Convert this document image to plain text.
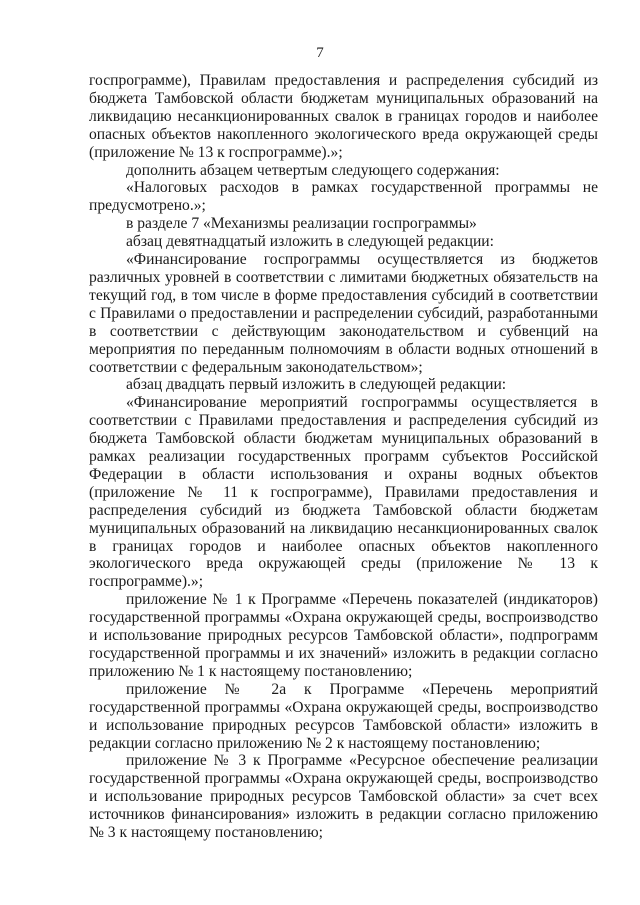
7

госпрограмме), Правилам предоставления и распределения субсидий из бюджета Тамбовской области бюджетам муниципальных образований на ликвидацию несанкционированных свалок в границах городов и наиболее опасных объектов накопленного экологического вреда окружающей среды (приложение № 13 к госпрограмме).»;

дополнить абзацем четвертым следующего содержания:

«Налоговых расходов в рамках государственной программы не предусмотрено.»;

в разделе 7 «Механизмы реализации госпрограммы»

абзац девятнадцатый изложить в следующей редакции:

«Финансирование госпрограммы осуществляется из бюджетов различных уровней в соответствии с лимитами бюджетных обязательств на текущий год, в том числе в форме предоставления субсидий в соответствии с Правилами о предоставлении и распределении субсидий, разработанными в соответствии с действующим законодательством и субвенций на мероприятия по переданным полномочиям в области водных отношений в соответствии с федеральным законодательством»;

абзац двадцать первый изложить в следующей редакции:

«Финансирование мероприятий госпрограммы осуществляется в соответствии с Правилами предоставления и распределения субсидий из бюджета Тамбовской области бюджетам муниципальных образований в рамках реализации государственных программ субъектов Российской Федерации в области использования и охраны водных объектов (приложение № 11 к госпрограмме), Правилами предоставления и распределения субсидий из бюджета Тамбовской области бюджетам муниципальных образований на ликвидацию несанкционированных свалок в границах городов и наиболее опасных объектов накопленного экологического вреда окружающей среды (приложение № 13 к госпрограмме).»;

приложение № 1 к Программе «Перечень показателей (индикаторов) государственной программы «Охрана окружающей среды, воспроизводство и использование природных ресурсов Тамбовской области», подпрограмм государственной программы и их значений» изложить в редакции согласно приложению № 1 к настоящему постановлению;

приложение № 2а к Программе «Перечень мероприятий государственной программы «Охрана окружающей среды, воспроизводство и использование природных ресурсов Тамбовской области» изложить в редакции согласно приложению № 2 к настоящему постановлению;

приложение № 3 к Программе «Ресурсное обеспечение реализации государственной программы «Охрана окружающей среды, воспроизводство и использование природных ресурсов Тамбовской области» за счет всех источников финансирования» изложить в редакции согласно приложению № 3 к настоящему постановлению;
